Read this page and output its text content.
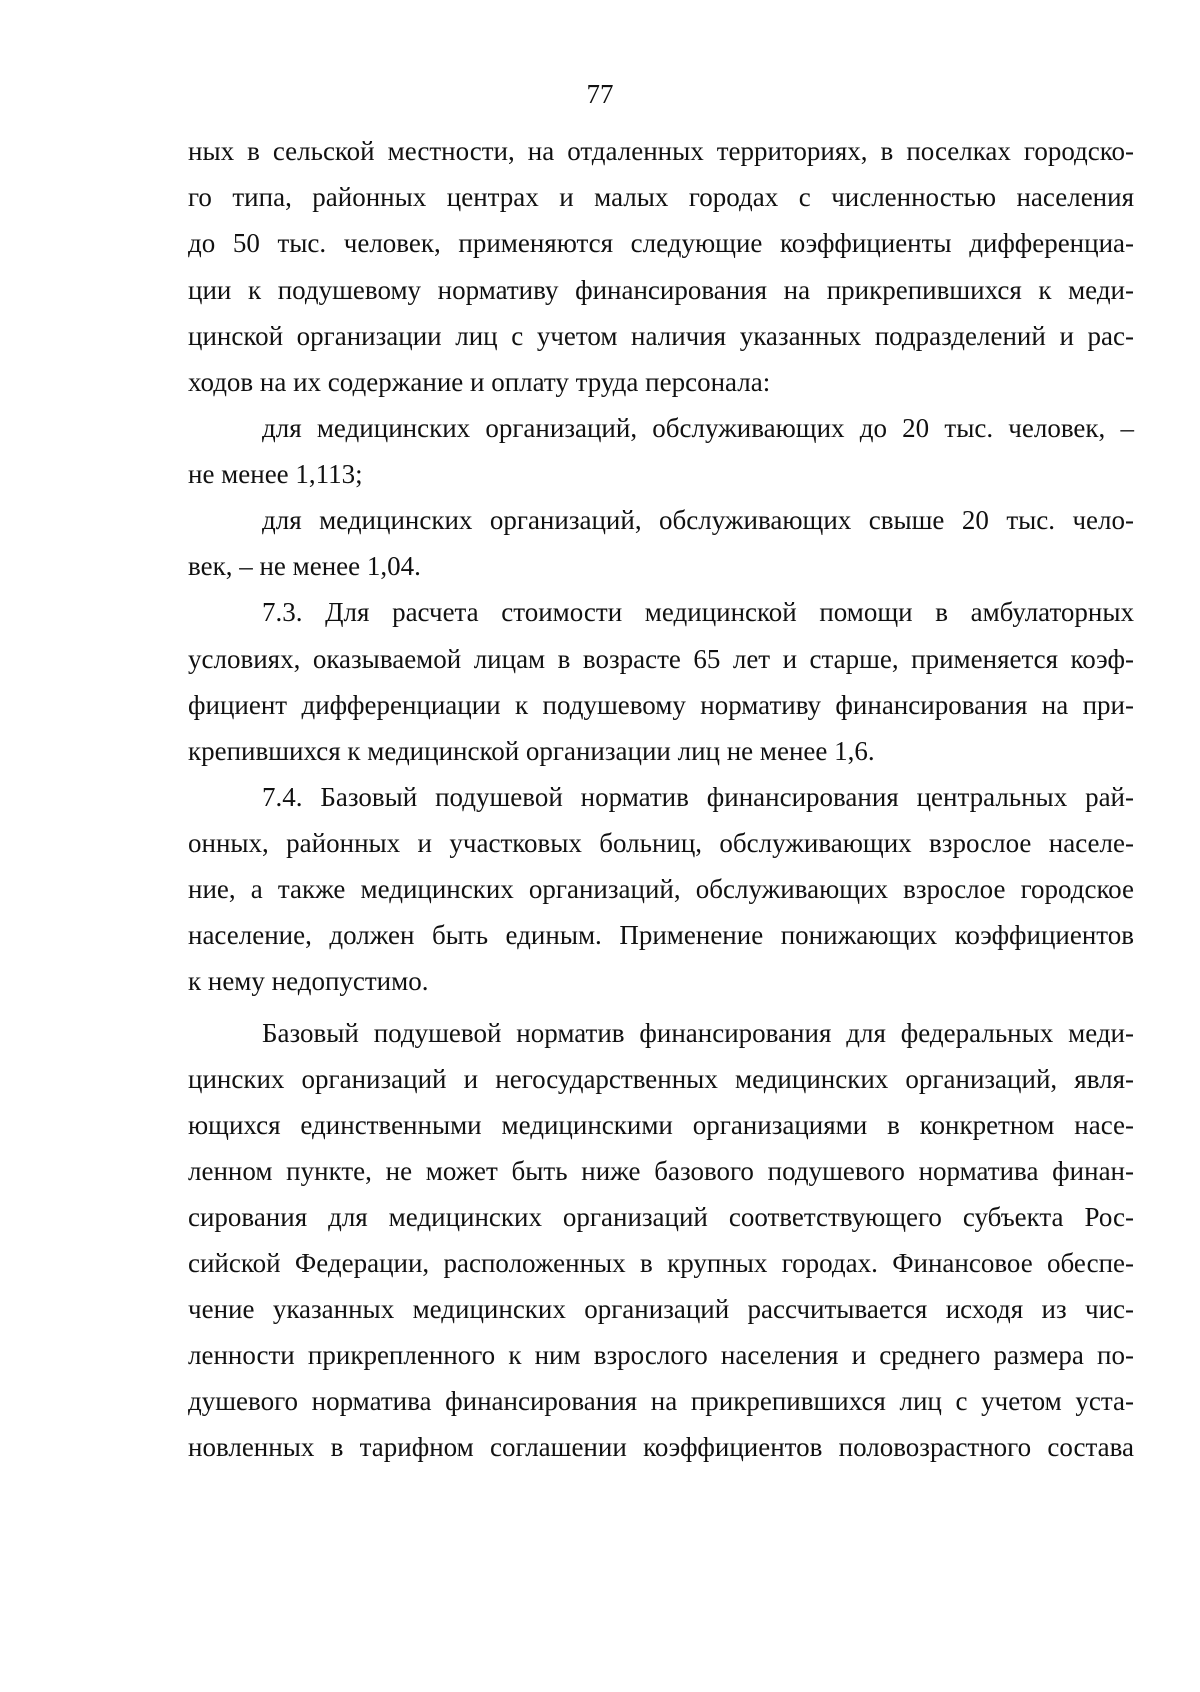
77
ных в сельской местности, на отдаленных территориях, в поселках городско-
го типа, районных центрах и малых городах с численностью населения
до 50 тыс. человек, применяются следующие коэффициенты дифференциа-
ции к подушевому нормативу финансирования на прикрепившихся к меди-
цинской организации лиц с учетом наличия указанных подразделений и рас-
ходов на их содержание и оплату труда персонала:
для медицинских организаций, обслуживающих до 20 тыс. человек, –
не менее 1,113;
для медицинских организаций, обслуживающих свыше 20 тыс. чело-
век, – не менее 1,04.
7.3. Для расчета стоимости медицинской помощи в амбулаторных
условиях, оказываемой лицам в возрасте 65 лет и старше, применяется коэф-
фициент дифференциации к подушевому нормативу финансирования на при-
крепившихся к медицинской организации лиц не менее 1,6.
7.4. Базовый подушевой норматив финансирования центральных рай-
онных, районных и участковых больниц, обслуживающих взрослое населе-
ние, а также медицинских организаций, обслуживающих взрослое городское
население, должен быть единым. Применение понижающих коэффициентов
к нему недопустимо.
Базовый подушевой норматив финансирования для федеральных меди-
цинских организаций и негосударственных медицинских организаций, явля-
ющихся единственными медицинскими организациями в конкретном насе-
ленном пункте, не может быть ниже базового подушевого норматива финан-
сирования для медицинских организаций соответствующего субъекта Рос-
сийской Федерации, расположенных в крупных городах. Финансовое обеспе-
чение указанных медицинских организаций рассчитывается исходя из чис-
ленности прикрепленного к ним взрослого населения и среднего размера по-
душевого норматива финансирования на прикрепившихся лиц с учетом уста-
новленных в тарифном соглашении коэффициентов половозрастного состава
